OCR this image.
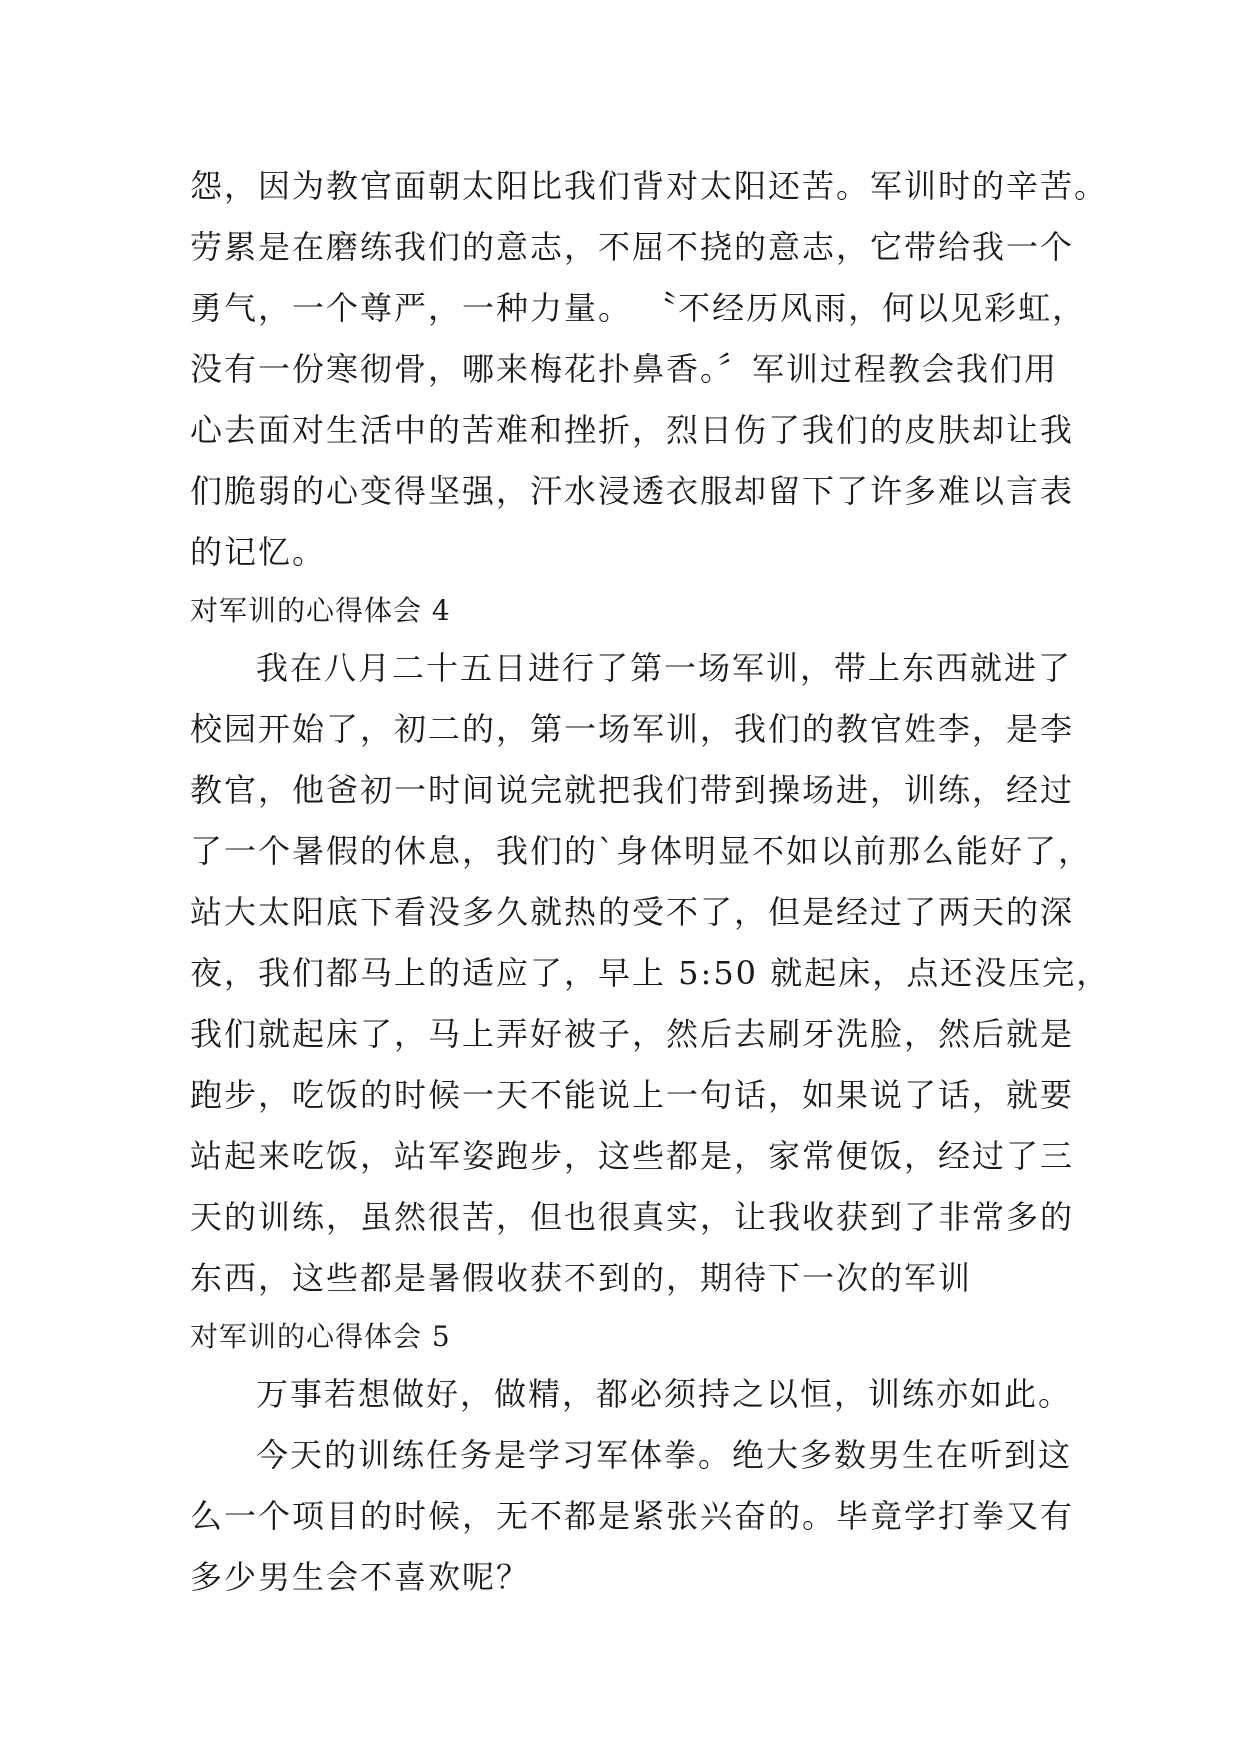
怨，因为教官面朝太阳比我们背对太阳还苦。军训时的辛苦。
劳累是在磨练我们的意志，不屈不挠的意志，它带给我一个
勇气，一个尊严，一种力量。 〝不经历风雨，何以见彩虹，
没有一份寒彻骨，哪来梅花扑鼻香。〞军训过程教会我们用
心去面对生活中的苦难和挫折，烈日伤了我们的皮肤却让我
们脆弱的心变得坚强，汗水浸透衣服却留下了许多难以言表
的记忆。
对军训的心得体会 4
我在八月二十五日进行了第一场军训，带上东西就进了
校园开始了，初二的，第一场军训，我们的教官姓李，是李
教官，他爸初一时间说完就把我们带到操场进，训练，经过
了一个暑假的休息，我们的`身体明显不如以前那么能好了，
站大太阳底下看没多久就热的受不了，但是经过了两天的深
夜，我们都马上的适应了，早上 5:50 就起床，点还没压完，
我们就起床了，马上弄好被子，然后去刷牙洗脸，然后就是
跑步，吃饭的时候一天不能说上一句话，如果说了话，就要
站起来吃饭，站军姿跑步，这些都是，家常便饭，经过了三
天的训练，虽然很苦，但也很真实，让我收获到了非常多的
东西，这些都是暑假收获不到的，期待下一次的军训
对军训的心得体会 5
万事若想做好，做精，都必须持之以恒，训练亦如此。
今天的训练任务是学习军体拳。绝大多数男生在听到这
么一个项目的时候，无不都是紧张兴奋的。毕竟学打拳又有
多少男生会不喜欢呢？
